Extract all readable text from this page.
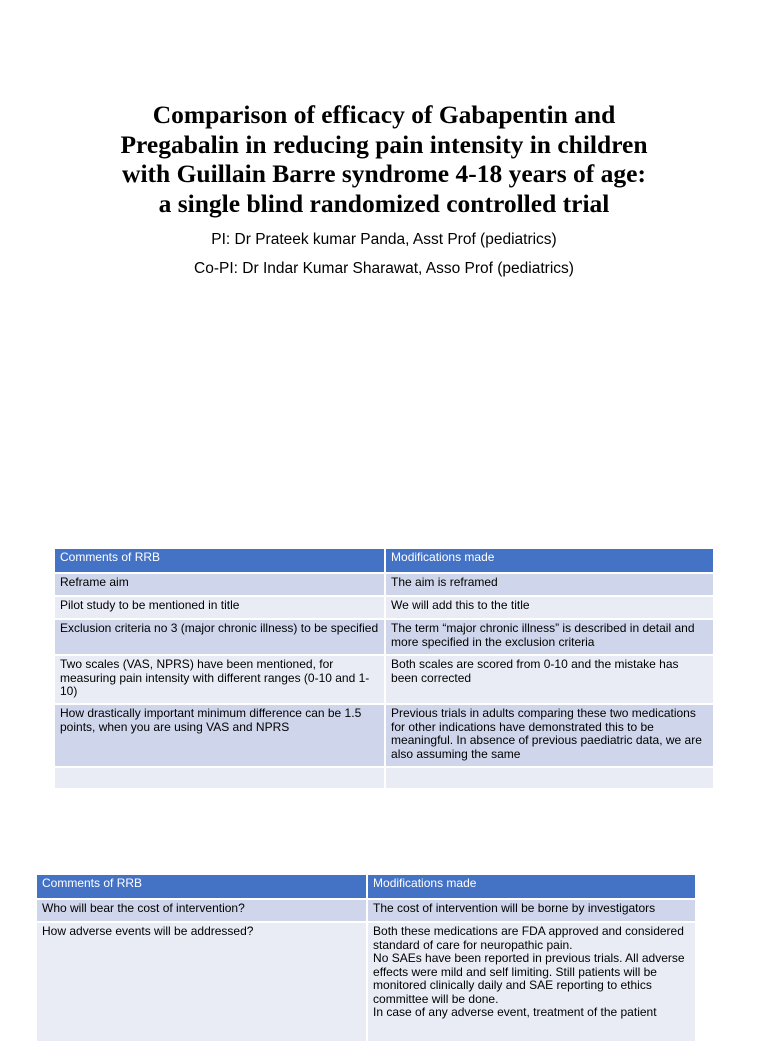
Comparison of efficacy of Gabapentin and
Pregabalin in reducing pain intensity in children
with Guillain Barre syndrome 4-18 years of age:
a single blind randomized controlled trial
PI: Dr Prateek kumar Panda, Asst Prof (pediatrics)
Co-PI: Dr Indar Kumar Sharawat, Asso Prof (pediatrics)
Comments of RRB	Modifications made
Reframe aim	The aim is reframed
Pilot study to be mentioned in title	We will add this to the title
Exclusion criteria no 3 (major chronic illness) to be specified	The term “major chronic illness” is described in detail and more specified in the exclusion criteria
Two scales (VAS, NPRS) have been mentioned, for measuring pain intensity with different ranges (0-10 and 1-10)	Both scales are scored from 0-10 and the mistake has been corrected
How drastically important minimum difference can be 1.5 points, when you are using VAS and NPRS	Previous trials in adults comparing these two medications for other indications have demonstrated this to be meaningful. In absence of previous paediatric data, we are also assuming the same

Comments of RRB	Modifications made
Who will bear the cost of intervention?	The cost of intervention will be borne by investigators
How adverse events will be addressed?	Both these medications are FDA approved and considered standard of care for neuropathic pain.
No SAEs have been reported in previous trials. All adverse effects were mild and self limiting. Still patients will be monitored clinically daily and SAE reporting to ethics committee will be done.
In case of any adverse event, treatment of the patient
